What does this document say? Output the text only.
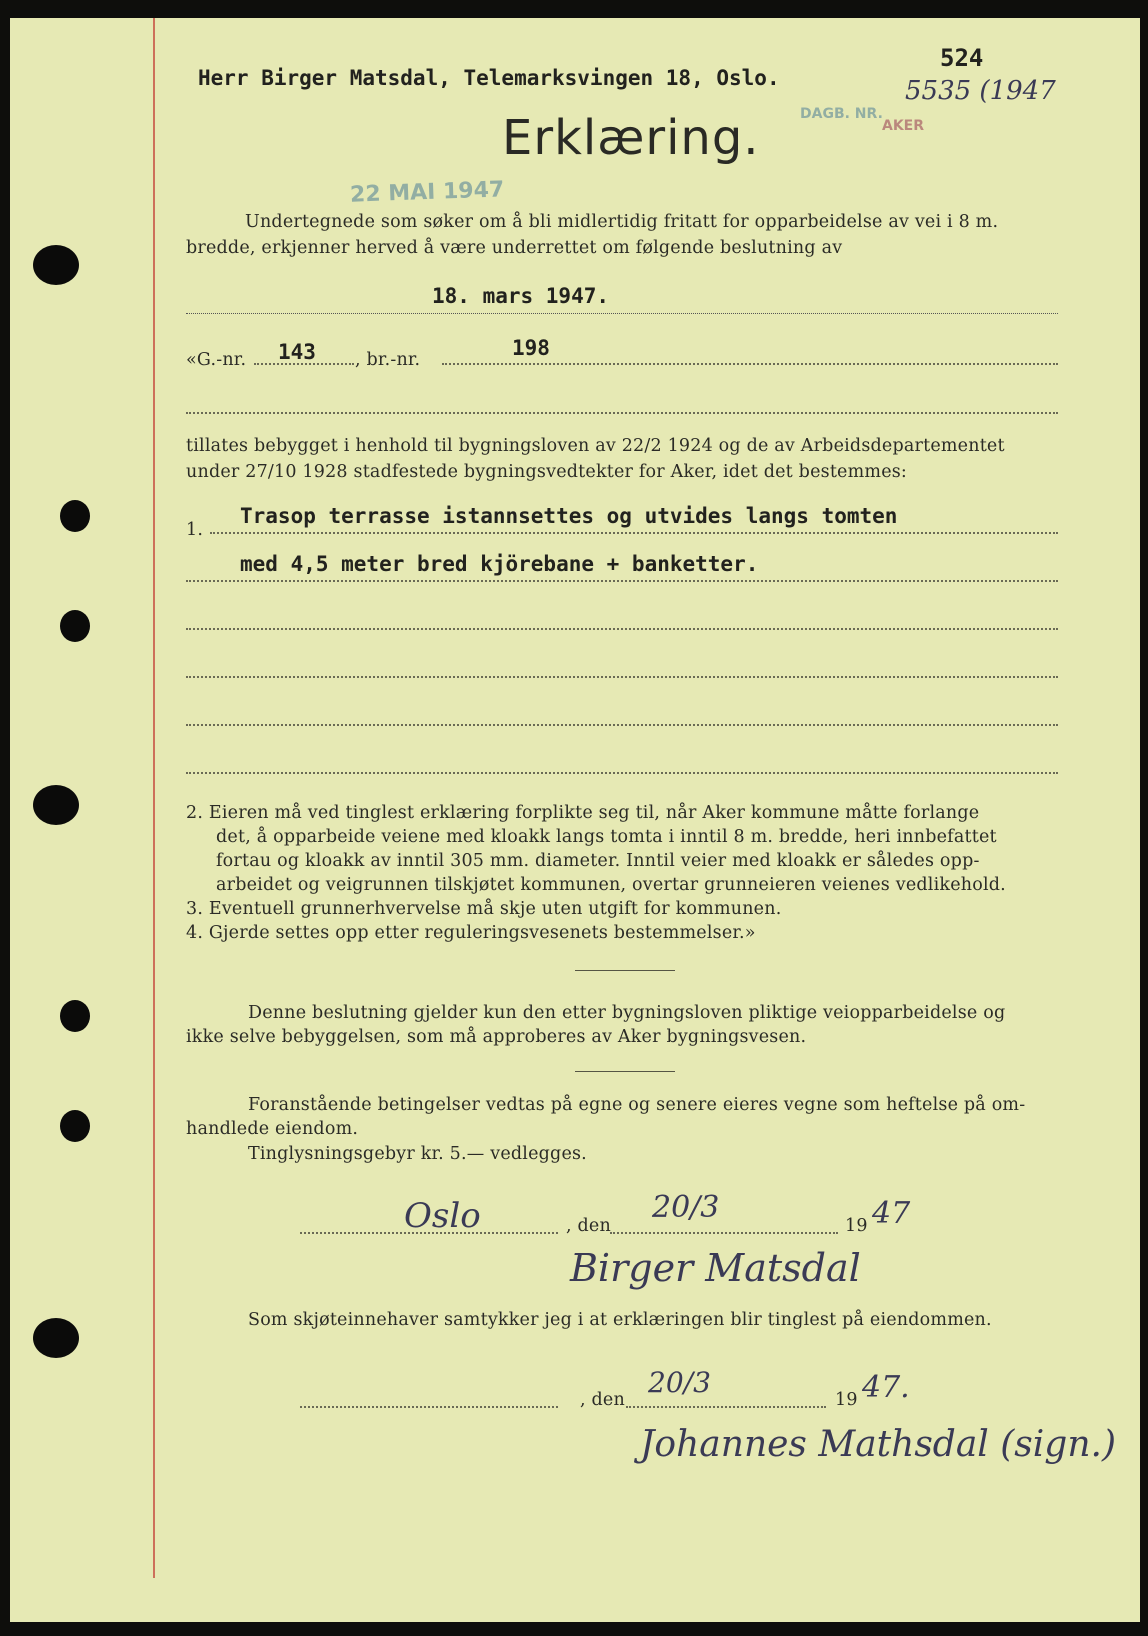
Herr Birger Matsdal, Telemarksvingen 18, Oslo.
DAGB. NR.
AKER
5535 (1947
524
Erklæring.
22 MAI 1947
Undertegnede som søker om å bli midlertidig fritatt for opparbeidelse av vei i 8 m.
bredde, erkjenner herved å være underrettet om følgende beslutning av
18. mars 1947.
«G.-nr. 143 , br.-nr.	198
tillates bebygget i henhold til bygningsloven av 22/2 1924 og de av Arbeidsdepartementet
under 27/10 1928 stadfestede bygningsvedtekter for Aker, idet det bestemmes:
1.
Trasop terrasse istannsettes og utvides langs tomten
med 4,5 meter bred kjörebane + banketter.
2. Eieren må ved tinglest erklæring forplikte seg til, når Aker kommune måtte forlange
det, å opparbeide veiene med kloakk langs tomta i inntil 8 m. bredde, heri innbefattet
fortau og kloakk av inntil 305 mm. diameter. Inntil veier med kloakk er således opp-
arbeidet og veigrunnen tilskjøtet kommunen, overtar grunneieren veienes vedlikehold.
3. Eventuell grunnerhvervelse må skje uten utgift for kommunen.
4. Gjerde settes opp etter reguleringsvesenets bestemmelser.»
Denne beslutning gjelder kun den etter bygningsloven pliktige veiopparbeidelse og
ikke selve bebyggelsen, som må approberes av Aker bygningsvesen.
Foranstående betingelser vedtas på egne og senere eieres vegne som heftelse på om-
handlede eiendom.
Tinglysningsgebyr kr. 5.— vedlegges.
Oslo	, den
20/3
19 47
Birger Matsdal
Som skjøteinnehaver samtykker jeg i at erklæringen blir tinglest på eiendommen.
, den
20/3
19 47.
Johannes Mathsdal (sign.)
